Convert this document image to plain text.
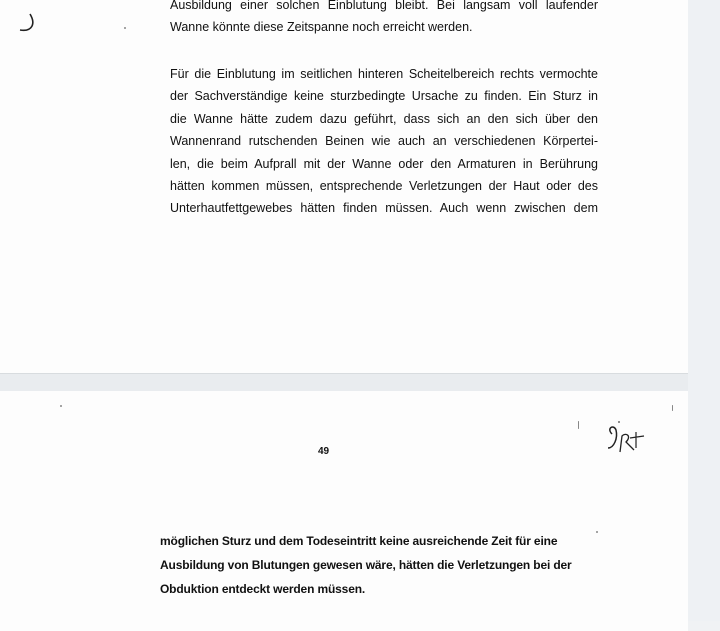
Ausbildung einer solchen Einblutung bleibt. Bei langsam voll laufender
Wanne könnte diese Zeitspanne noch erreicht werden.
Für die Einblutung im seitlichen hinteren Scheitelbereich rechts vermochte
der Sachverständige keine sturzbedingte Ursache zu finden. Ein Sturz in
die Wanne hätte zudem dazu geführt, dass sich an den sich über den
Wannenrand rutschenden Beinen wie auch an verschiedenen Körpertei-
len, die beim Aufprall mit der Wanne oder den Armaturen in Berührung
hätten kommen müssen, entsprechende Verletzungen der Haut oder des
Unterhautfettgewebes hätten finden müssen. Auch wenn zwischen dem
49
möglichen Sturz und dem Todeseintritt keine ausreichende Zeit für eine
Ausbildung von Blutungen gewesen wäre, hätten die Verletzungen bei der
Obduktion entdeckt werden müssen.
